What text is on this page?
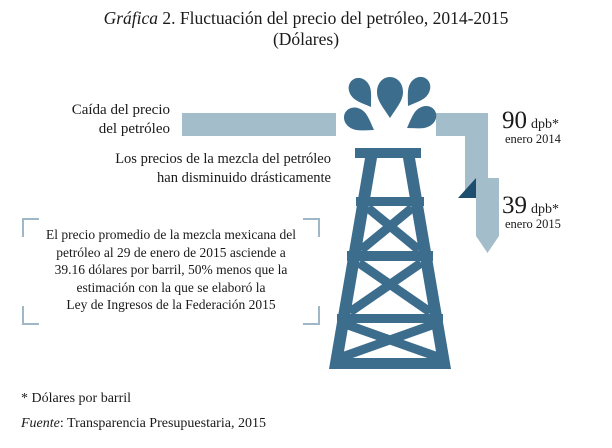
Gráfica 2. Fluctuación del precio del petróleo, 2014-2015
(Dólares)
Caída del precio
del petróleo
Los precios de la mezcla del petróleo
han disminuido drásticamente
El precio promedio de la mezcla mexicana del
petróleo al 29 de enero de 2015 asciende a
39.16 dólares por barril, 50% menos que la
estimación con la que se elaboró la
Ley de Ingresos de la Federación 2015
90 dpb*
enero 2014
39 dpb*
enero 2015
* Dólares por barril
Fuente: Transparencia Presupuestaria, 2015
